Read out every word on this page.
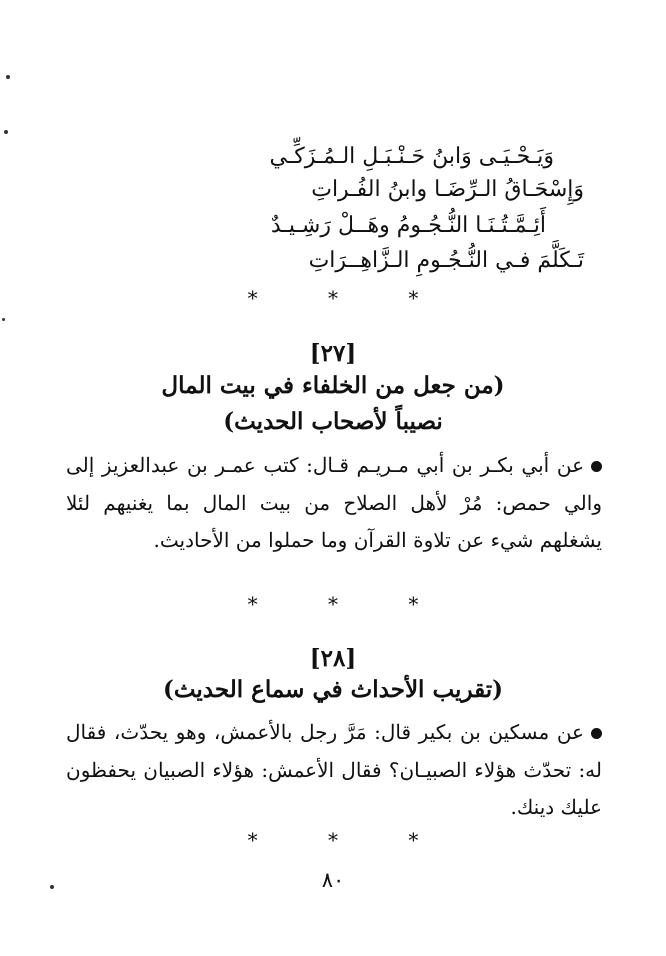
وَيَـحْـيَـى وَابنُ حَـنْـبَـلِ الـمُـزَكِّـي
وَإِسْحَـاقُ الـرِّضَـا وابنُ الفُـراتِ
أَئِـمَّـتُـنَـا النُّـجُـومُ وهَــلْ رَشِـيـدٌ
تَـكَلَّمَ فـي النُّـجُـومِ الـزَّاهِــرَاتِ
* * *
[٢٧]
(من جعل من الخلفاء في بيت المال
نصيباً لأصحاب الحديث)
عن أبي بكـر بن أبي مـريـم قـال: كتب عمـر بن عبدالعزيز إلى والي حمص: مُرْ لأهل الصلاح من بيت المال بما يغنيهم لئلا يشغلهم شيء عن تلاوة القرآن وما حملوا من الأحاديث.
* * *
[٢٨]
(تقريب الأحداث في سماع الحديث)
عن مسكين بن بكير قال: مَرَّ رجل بالأعمش، وهو يحدّث، فقال له: تحدّث هؤلاء الصبيـان؟ فقال الأعمش: هؤلاء الصبيان يحفظون عليك دينك.
* * *
٨٠
